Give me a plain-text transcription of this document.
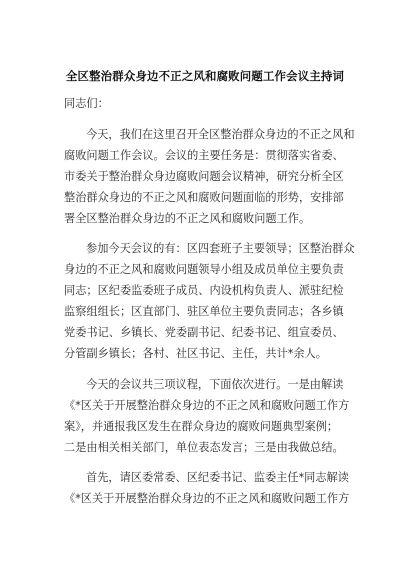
全区整治群众身边不正之风和腐败问题工作会议主持词
同志们：
今天，我们在这里召开全区整治群众身边的不正之风和
腐败问题工作会议。会议的主要任务是：贯彻落实省委、
市委关于整治群众身边腐败问题会议精神，研究分析全区
整治群众身边的不正之风和腐败问题面临的形势，安排部
署全区整治群众身边的不正之风和腐败问题工作。
参加今天会议的有：区四套班子主要领导；区整治群众
身边的不正之风和腐败问题领导小组及成员单位主要负责
同志；区纪委监委班子成员、内设机构负责人、派驻纪检
监察组组长；区直部门、驻区单位主要负责同志；各乡镇
党委书记、乡镇长、党委副书记、纪委书记、组宣委员、
分管副乡镇长；各村、社区书记、主任，共计*余人。
今天的会议共三项议程，下面依次进行。一是由解读
《*区关于开展整治群众身边的不正之风和腐败问题工作方
案》，并通报我区发生在群众身边的腐败问题典型案例；
二是由相关相关部门，单位表态发言；三是由我做总结。
首先，请区委常委、区纪委书记、监委主任*同志解读
《*区关于开展整治群众身边的不正之风和腐败问题工作方
